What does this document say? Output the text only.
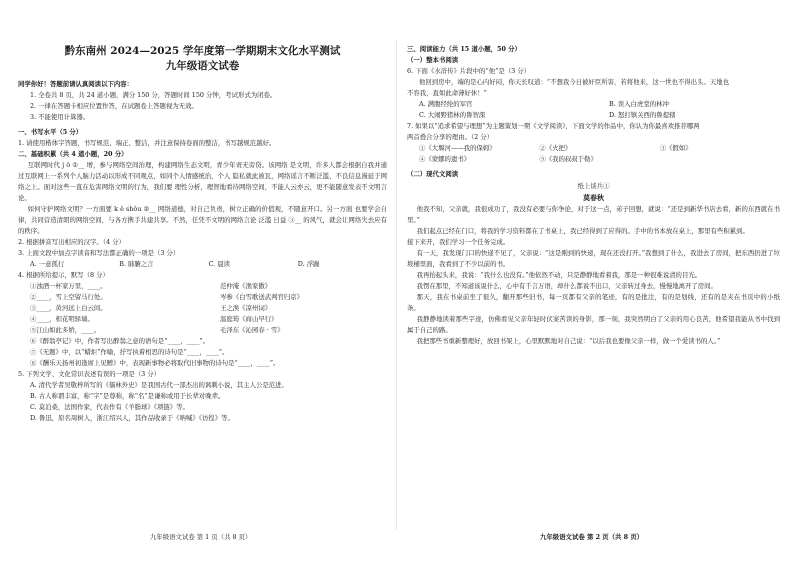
黔东南州 2024—2025 学年度第一学期期末文化水平测试
九年级语文试卷
同学你好！答题前请认真阅读以下内容：
1. 全卷共 8 页，共 24 道小题，满分 150 分，答题时间 150 分钟，考试形式为闭卷。
2. 一律在答题卡相应位置作答，在试题卷上答题视为无效。
3. 不能使用计算器。
一、书写水平（5 分）
1. 请使用楷体字答题，书写规范、端正、整洁，并注意保持卷面的整洁，书写越规范越好。
二、基础积累（共 4 道小题，20 分）
互联网时代 j ǒ ①__ 增，参与网络空间治理，构建网络生态文明，青少年责无旁贷。该网络 是文明，许多人都会根据自我并通过互联网上一系列个人脑力活动以形成不同观点，如同个人情感统治，个人 隐私就此被瓦，网络谣言不断泛滥，不良信息漫延于网络之上。面对这些一直在危害网络文明的行为，我们要 理性分析，理智地看待网络空间，不能人云亦云，更不能随意发表不文明言论。
如何守护网络文明？一方面要 k ě shǒu ②__ 网络道德，对自己负责，树立正确的价值观，不随意开口。另一方面 也要学会自律，共同营造清朗的网络空间，与各方携手共建共享。不然，任凭不文明的网络言论 泛滥 日益 ③__ 的风气，就会让网络失去应有的秩序。
2. 根据拼音写出相应的汉字。（4 分）
3. 上面文段中加点字读音和写法都正确的一项是（3 分）
A. 一意孤行	B. 肺腑之言	C. 晨读	D. 浮躁
4. 根据所给提示，默写（8 分）
①浊酒一杯家万里，____。	范仲淹《渔家傲》
②____，雪上空留马行处。	岑参《白雪歌送武判官归京》
③____，黄河远上白云间。	王之涣《凉州词》
④____，枳花明驿墙。	温庭筠《商山早行》
⑤江山如此多娇，____。	毛泽东《沁园春 · 雪》
⑥《醉翁亭记》中，作者写出醉翁之意的语句是“____，____”。
⑦《无题》中，以“蜡炬”作喻，抒写执着相思的诗句是“____，____”。
⑧《酬乐天扬州初逢席上见赠》中，表现新事物必将取代旧事物的诗句是“____，____”。
5. 下列文学、文化常识表述有误的一项是（3 分）
A. 清代学者吴敬梓所写的《儒林外史》是我国古代一部杰出的讽刺小说，其主人公是范进。
B. 古人称谓丰富，称“字”是尊称，称“名”是谦称或用于长辈对晚辈。
C. 莫泊桑，法国作家，代表作有《羊脂球》《项链》等。
D. 鲁迅，原名周树人，浙江绍兴人，其作品收录于《呐喊》《彷徨》等。
九年级语文试卷 第 1 页（共 8 页）
三、阅读能力（共 15 道小题，50 分）
（一）整本书阅读
6. 下面《水浒传》片段中的“他”是（3 分）
他回到房中，端的是心内好闷，你天长叹道：“不想我今日被奸臣所害，若将他来，这一世也不得出头。天地也
不容我，直如此命薄好休！”
A. 满腹经纶的军官	B. 误入白虎堂的林冲
C. 大闹野猪林的鲁智深	D. 怒打镇关西的鲁提辖
7. 如果以“追求希望与理想”为主题策划一期《文学阅读》，下面文学的作品中，你认为你最喜欢推荐哪两
两首叠合分享的理由。（2 分）
①《大堰河——我的保姆》	②《火把》	③《假如》
④《蒙娜的遗书》	⑤《我的叔叔于勒》
（二）现代文阅读
纸上谈兵①
莫春秋
他我不知，父亲就，我很成功了，我没有必要与你争论，对于这一点，弟子回想，就说：“还是到新华书店去看，新的东西就在书里。”
我们起点已经在门口，将我的学习资料都在了书桌上，我已经得到了应得的。手中的书本放在桌上，那里有些积累到。
接下来开，我们学习一个任务完成。
有一天，我发现门口的快递不见了，父亲说：“这是刚到的快递，现在还没打开。”我想到了什么，我进去了房间，把东西扔进了垃圾桶里面，我看到了不少以前的书。
我再抬起头来，我说：“我什么也没有。”他依然不动，只是静静地看着我，那是一种很难说清的目光。
我愣在那里，不知道该说什么，心中有千言万语，却什么都说不出口，父亲转过身去，慢慢地离开了房间。
那天，我在书桌前坐了很久，翻开那些旧书，每一页都有父亲的笔迹，有的是批注，有的是划线，还有的是夹在书页中的小纸条。
我静静地读着那些字迹，仿佛看见父亲年轻时伏案苦读的身影，那一刻，我突然明白了父亲的用心良苦，他希望我能从书中找到属于自己的路。
我把那些书重新整理好，放回书架上，心里默默地对自己说：“以后我也要像父亲一样，做一个爱读书的人。”
九年级语文试卷 第 2 页（共 8 页）
